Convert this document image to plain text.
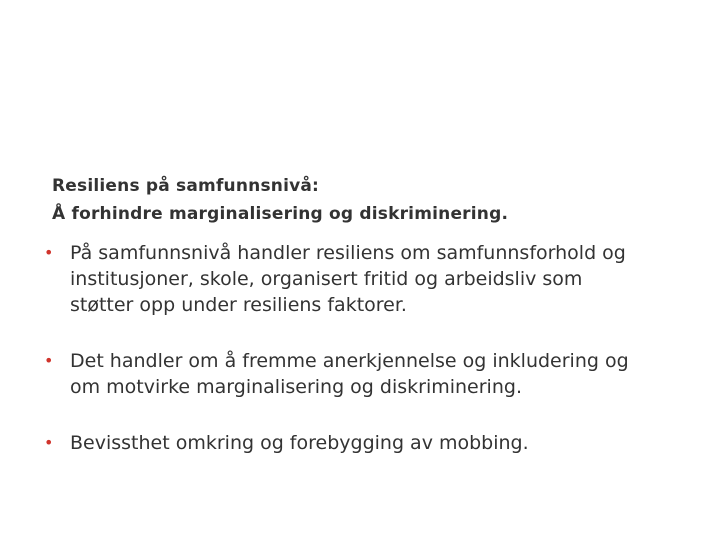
Resiliens på samfunnsnivå:
Å forhindre marginalisering og diskriminering.
• På samfunnsnivå handler resiliens om samfunnsforhold og institusjoner, skole, organisert fritid og arbeidsliv som støtter opp under resiliens faktorer.
• Det handler om å fremme anerkjennelse og inkludering og om motvirke marginalisering og diskriminering.
• Bevissthet omkring og forebygging av mobbing.
